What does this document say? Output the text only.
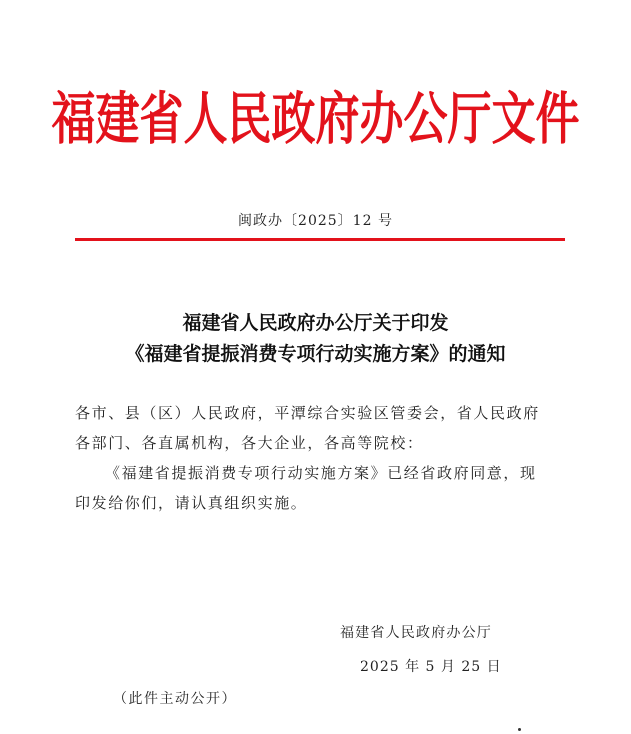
福建省人民政府办公厅文件
闽政办〔2025〕12 号
福建省人民政府办公厅关于印发
《福建省提振消费专项行动实施方案》的通知
各市、县（区）人民政府，平潭综合实验区管委会，省人民政府
各部门、各直属机构，各大企业，各高等院校：
《福建省提振消费专项行动实施方案》已经省政府同意，现
印发给你们，请认真组织实施。
福建省人民政府办公厅
2025 年 5 月 25 日
（此件主动公开）
